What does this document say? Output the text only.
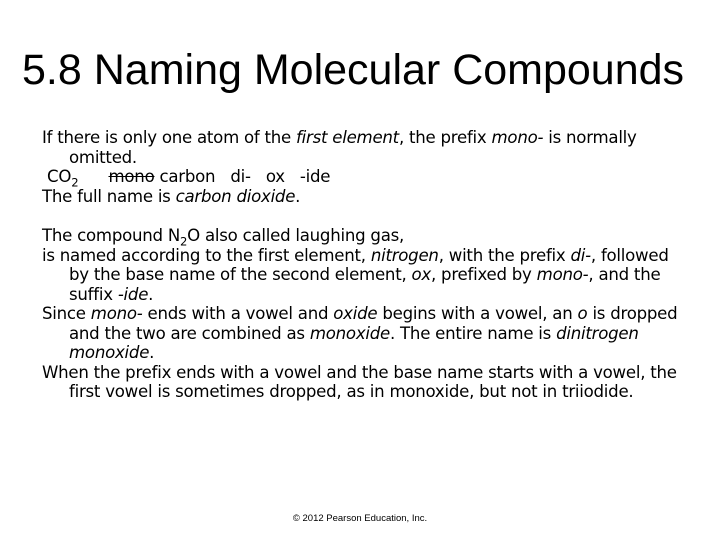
5.8 Naming Molecular Compounds

If there is only one atom of the first element, the prefix mono- is normally omitted.

$CO_2$ mono carbon   di-   ox   -ide

The full name is carbon dioxide.

The compound $N_2O$ also called laughing gas,

is named according to the first element, nitrogen, with the prefix di-, followed by the base name of the second element, ox, prefixed by mono-, and the suffix -ide.

Since mono- ends with a vowel and oxide begins with a vowel, an o is dropped and the two are combined as monoxide. The entire name is dinitrogen monoxide.

When the prefix ends with a vowel and the base name starts with a vowel, the first vowel is sometimes dropped, as in monoxide, but not in triiodide.

© 2012 Pearson Education, Inc.
